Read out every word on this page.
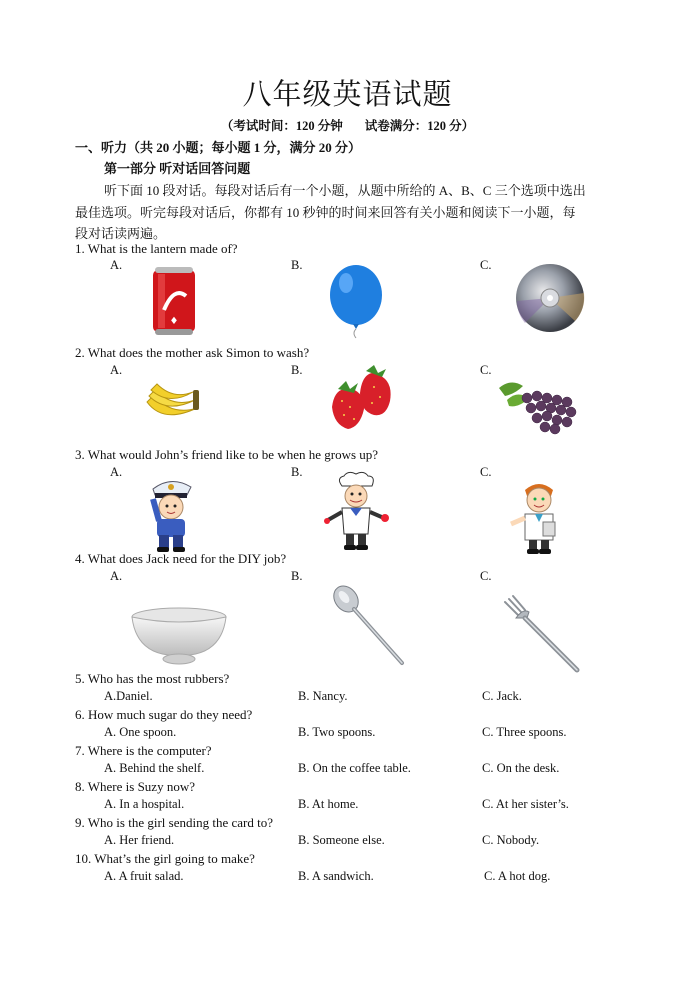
八年级英语试题
（考试时间：120 分钟 试卷满分：120 分）
一、听力（共 20 小题；每小题 1 分，满分 20 分）
第一部分 听对话回答问题
听下面 10 段对话。每段对话后有一个小题，从题中所给的 A、B、C 三个选项中选出
最佳选项。听完每段对话后，你都有 10 秒钟的时间来回答有关小题和阅读下一小题，每
段对话读两遍。
1. What is the lantern made of?
A.	B.	C.
♦
2. What does the mother ask Simon to wash?
A.	B.	C.
3. What would John’s friend like to be when he grows up?
A.	B.	C.
4. What does Jack need for the DIY job?
A.	B.	C.
5. Who has the most rubbers?
A.Daniel.	B. Nancy.	C. Jack.
6. How much sugar do they need?
A. One spoon.	B. Two spoons.	C. Three spoons.
7. Where is the computer?
A. Behind the shelf.	B. On the coffee table.	C. On the desk.
8. Where is Suzy now?
A. In a hospital.	B. At home.	C. At her sister’s.
9. Who is the girl sending the card to?
A. Her friend.	B. Someone else.	C. Nobody.
10. What’s the girl going to make?
A. A fruit salad.	B. A sandwich.	C. A hot dog.
